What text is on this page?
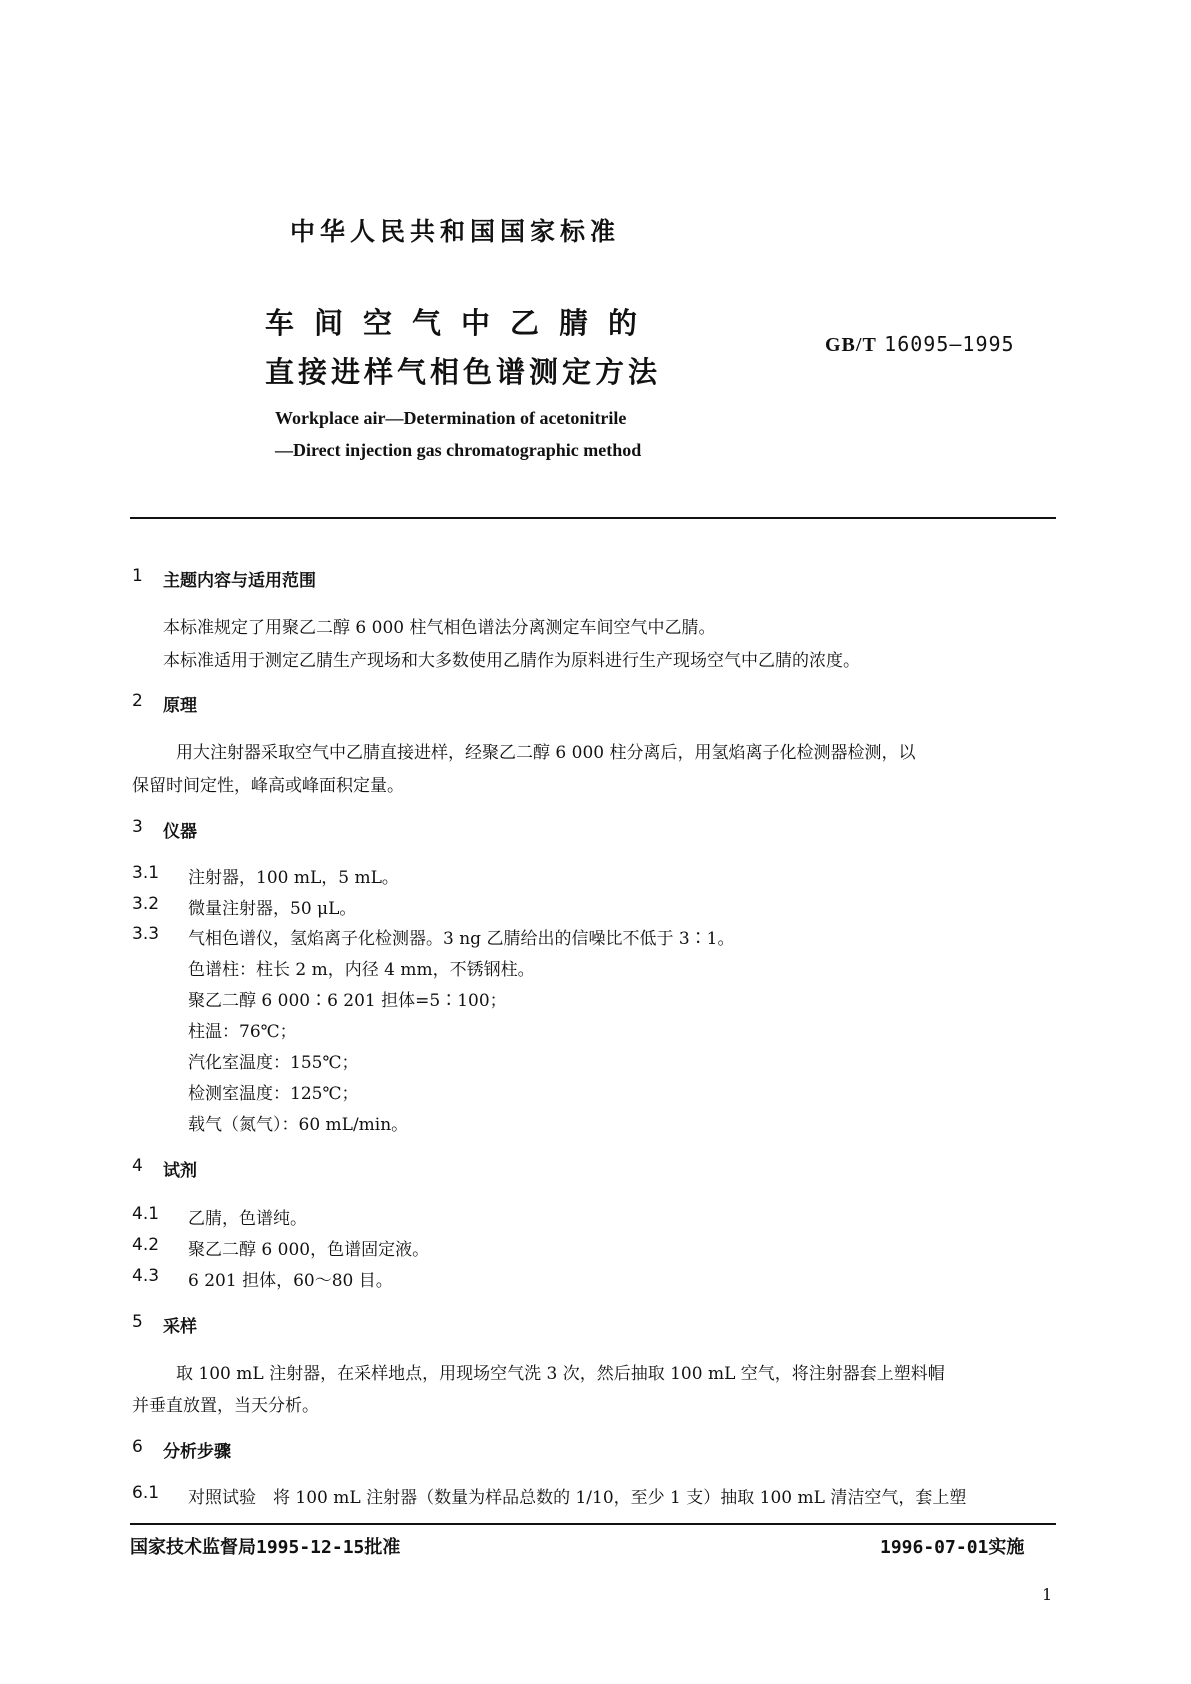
中华人民共和国国家标准
车间空气中乙腈的
直接进样气相色谱测定方法
GB/T 16095—1995
Workplace air—Determination of acetonitrile
—Direct injection gas chromatographic method
1 主题内容与适用范围
本标准规定了用聚乙二醇 6 000 柱气相色谱法分离测定车间空气中乙腈。
本标准适用于测定乙腈生产现场和大多数使用乙腈作为原料进行生产现场空气中乙腈的浓度。
2 原理
用大注射器采取空气中乙腈直接进样，经聚乙二醇 6 000 柱分离后，用氢焰离子化检测器检测，以
保留时间定性，峰高或峰面积定量。
3 仪器
3.1 注射器，100 mL，5 mL。
3.2 微量注射器，50 μL。
3.3 气相色谱仪，氢焰离子化检测器。3 ng 乙腈给出的信噪比不低于 3∶1。
色谱柱：柱长 2 m，内径 4 mm，不锈钢柱。
聚乙二醇 6 000∶6 201 担体=5∶100；
柱温：76℃；
汽化室温度：155℃；
检测室温度：125℃；
载气（氮气）：60 mL/min。
4 试剂
4.1 乙腈，色谱纯。
4.2 聚乙二醇 6 000，色谱固定液。
4.3 6 201 担体，60～80 目。
5 采样
取 100 mL 注射器，在采样地点，用现场空气洗 3 次，然后抽取 100 mL 空气，将注射器套上塑料帽
并垂直放置，当天分析。
6 分析步骤
6.1 对照试验　将 100 mL 注射器（数量为样品总数的 1/10，至少 1 支）抽取 100 mL 清洁空气，套上塑
国家技术监督局1995-12-15批准	1996-07-01实施
1
